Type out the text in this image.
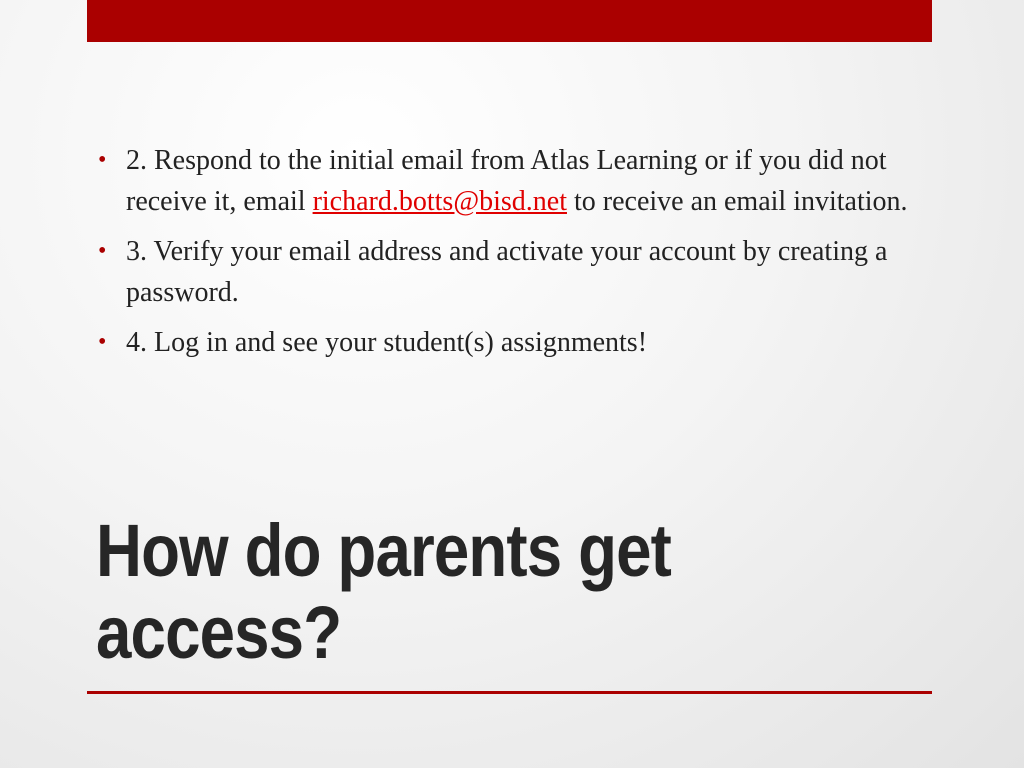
• 2. Respond to the initial email from Atlas Learning or if you did not receive it, email richard.botts@bisd.net to receive an email invitation.
• 3. Verify your email address and activate your account by creating a password.
• 4. Log in and see your student(s) assignments!
How do parents get access?
